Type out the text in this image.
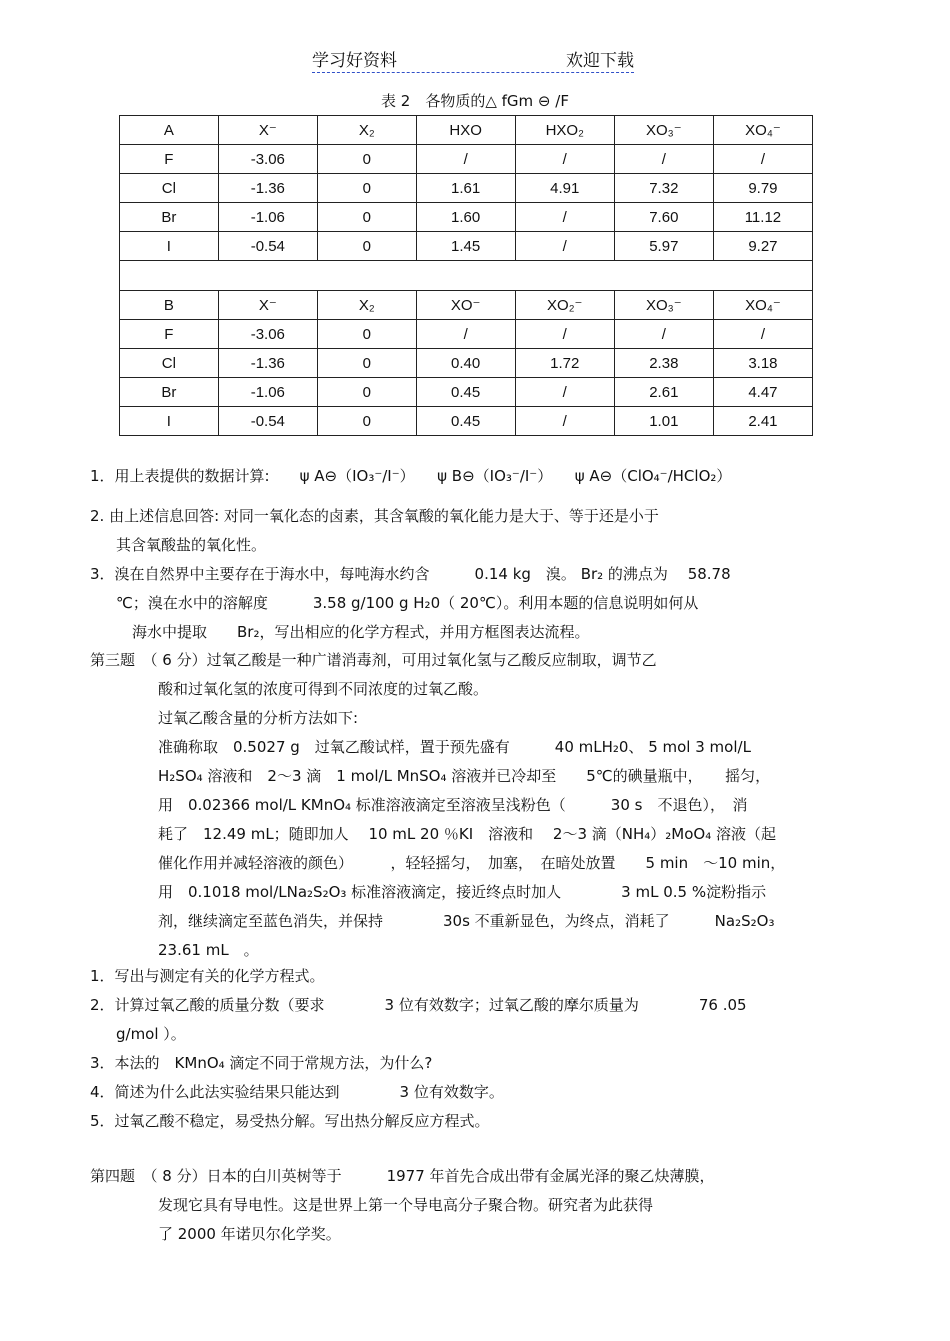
学习好资料	欢迎下载
表 2　各物质的△ fGm ⊖ /F
A	X⁻	X₂	HXO	HXO₂	XO₃⁻	XO₄⁻
F	-3.06	0	/	/	/	/
Cl	-1.36	0	1.61	4.91	7.32	9.79
Br	-1.06	0	1.60	/	7.60	11.12
I	-0.54	0	1.45	/	5.97	9.27

B	X⁻	X₂	XO⁻	XO₂⁻	XO₃⁻	XO₄⁻
F	-3.06	0	/	/	/	/
Cl	-1.36	0	0.40	1.72	2.38	3.18
Br	-1.06	0	0.45	/	2.61	4.47
I	-0.54	0	0.45	/	1.01	2.41
1．用上表提供的数据计算:　　ψ A⊖（IO₃⁻/I⁻）　　ψ B⊖（IO₃⁻/I⁻）　　ψ A⊖（ClO₄⁻/HClO₂）
2. 由上述信息回答: 对同一氧化态的卤素，其含氧酸的氧化能力是大于、等于还是小于
其含氧酸盐的氧化性。
3．溴在自然界中主要存在于海水中，每吨海水约含　　　0.14 kg　溴。 Br₂ 的沸点为　 58.78
℃；溴在水中的溶解度　　　3.58 g/100 g H₂0（ 20℃）。利用本题的信息说明如何从
海水中提取　　Br₂，写出相应的化学方程式，并用方框图表达流程。
第三题　（ 6 分）过氧乙酸是一种广谱消毒剂，可用过氧化氢与乙酸反应制取，调节乙
酸和过氧化氢的浓度可得到不同浓度的过氧乙酸。
过氧乙酸含量的分析方法如下:
准确称取　0.5027 g　过氧乙酸试样，置于预先盛有　　　40 mLH₂0、 5 mol 3 mol/L
H₂SO₄ 溶液和　2～3 滴　1 mol/L MnSO₄ 溶液并已冷却至　　5℃的碘量瓶中，　　摇匀，
用　0.02366 mol/L KMnO₄ 标准溶液滴定至溶液呈浅粉色（　　　30 s　不退色），　消
耗了　12.49 mL；随即加人　 10 mL 20 ％KI　溶液和　 2～3 滴（NH₄）₂MoO₄ 溶液（起
催化作用并减轻溶液的颜色）　　　，轻轻摇匀，　加塞，　在暗处放置　　5 min　～10 min，
用　0.1018 mol/LNa₂S₂O₃ 标准溶液滴定，接近终点时加人　　　　3 mL 0.5 %淀粉指示
剂，继续滴定至蓝色消失，并保持　　　　30s 不重新显色，为终点，消耗了　　　Na₂S₂O₃
23.61 mL　。
1．写出与测定有关的化学方程式。
2．计算过氧乙酸的质量分数（要求　　　　3 位有效数字；过氧乙酸的摩尔质量为　　　　76 .05
g/mol ）。
3．本法的　KMnO₄ 滴定不同于常规方法，为什么?
4．简述为什么此法实验结果只能达到　　　　3 位有效数字。
5．过氧乙酸不稳定，易受热分解。写出热分解反应方程式。
第四题　（ 8 分）日本的白川英树等于　　　1977 年首先合成出带有金属光泽的聚乙炔薄膜，
发现它具有导电性。这是世界上第一个导电高分子聚合物。研究者为此获得
了 2000 年诺贝尔化学奖。
